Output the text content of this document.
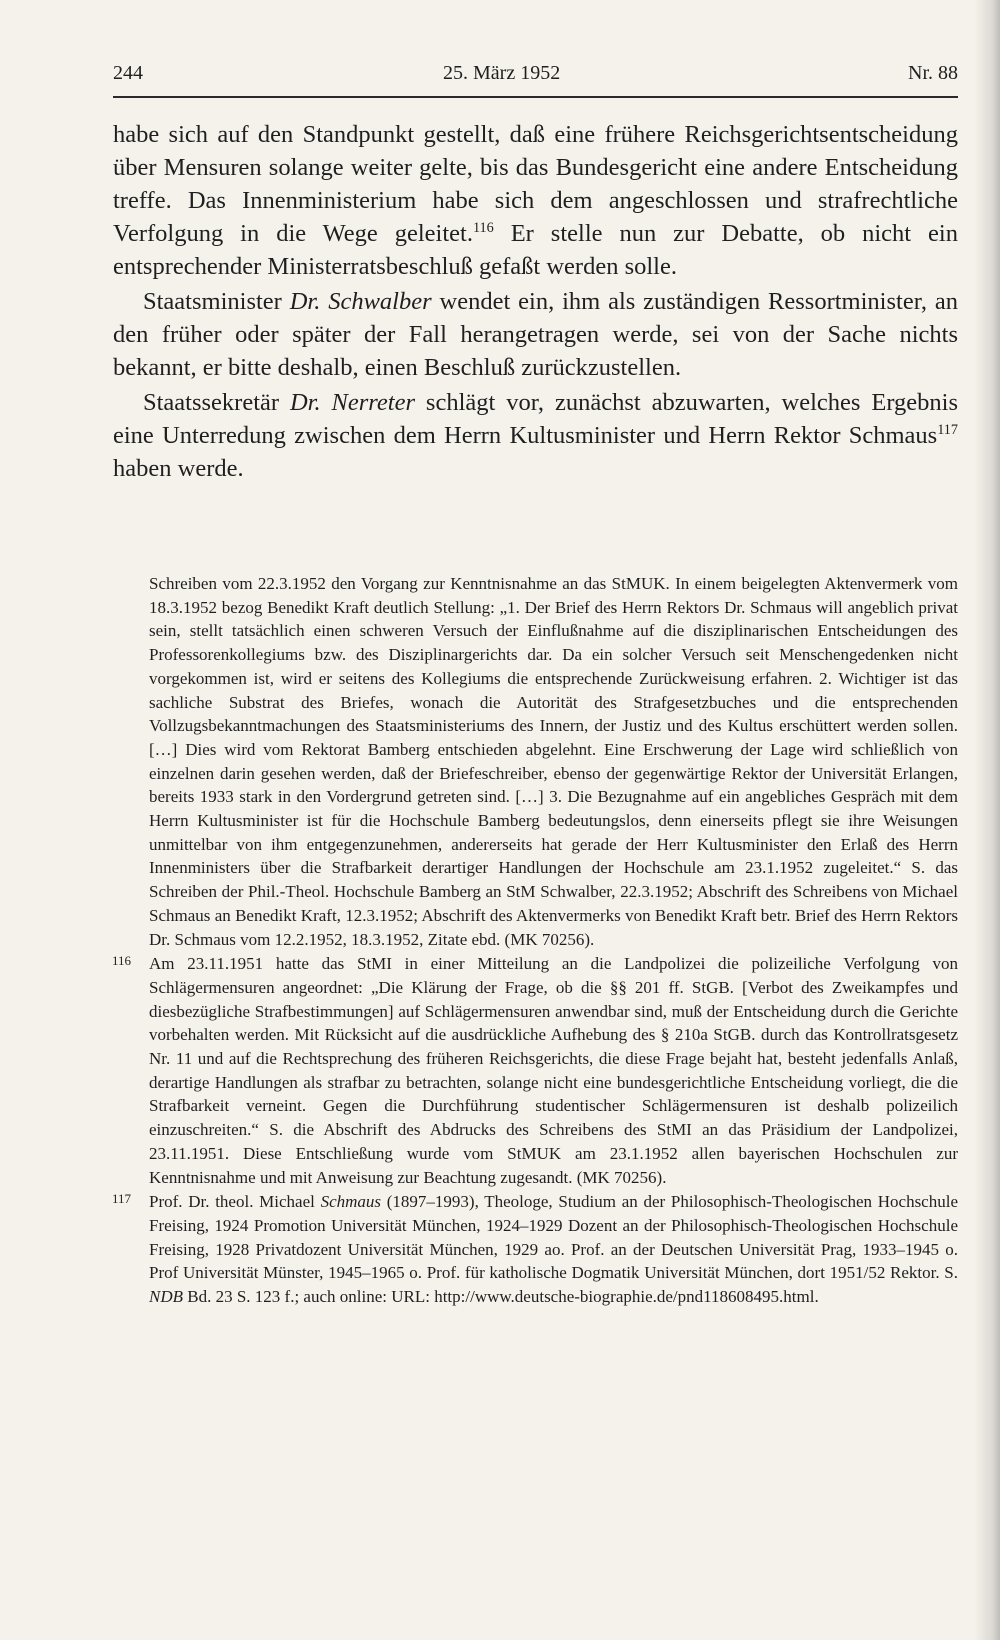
244	25. März 1952	Nr. 88

habe sich auf den Standpunkt gestellt, daß eine frühere Reichsgerichtsentscheidung über Mensuren solange weiter gelte, bis das Bundesgericht eine andere Entscheidung treffe. Das Innenministerium habe sich dem angeschlossen und strafrechtliche Verfolgung in die Wege geleitet.$^{116}$ Er stelle nun zur Debatte, ob nicht ein entsprechender Ministerratsbeschluß gefaßt werden solle.

Staatsminister Dr. Schwalber wendet ein, ihm als zuständigen Ressortminister, an den früher oder später der Fall herangetragen werde, sei von der Sache nichts bekannt, er bitte deshalb, einen Beschluß zurückzustellen.

Staatssekretär Dr. Nerreter schlägt vor, zunächst abzuwarten, welches Ergebnis eine Unterredung zwischen dem Herrn Kultusminister und Herrn Rektor Schmaus$^{117}$ haben werde.

Schreiben vom 22.3.1952 den Vorgang zur Kenntnisnahme an das StMUK. In einem beigelegten Aktenvermerk vom 18.3.1952 bezog Benedikt Kraft deutlich Stellung: „1. Der Brief des Herrn Rektors Dr. Schmaus will angeblich privat sein, stellt tatsächlich einen schweren Versuch der Einflußnahme auf die disziplinarischen Entscheidungen des Professorenkollegiums bzw. des Disziplinargerichts dar. Da ein solcher Versuch seit Menschengedenken nicht vorgekommen ist, wird er seitens des Kollegiums die entsprechende Zurückweisung erfahren. 2. Wichtiger ist das sachliche Substrat des Briefes, wonach die Autorität des Strafgesetzbuches und die entsprechenden Vollzugsbekanntmachungen des Staatsministeriums des Innern, der Justiz und des Kultus erschüttert werden sollen. […] Dies wird vom Rektorat Bamberg entschieden abgelehnt. Eine Erschwerung der Lage wird schließlich von einzelnen darin gesehen werden, daß der Briefeschreiber, ebenso der gegenwärtige Rektor der Universität Erlangen, bereits 1933 stark in den Vordergrund getreten sind. […] 3. Die Bezugnahme auf ein angebliches Gespräch mit dem Herrn Kultusminister ist für die Hochschule Bamberg bedeutungslos, denn einerseits pflegt sie ihre Weisungen unmittelbar von ihm entgegenzunehmen, andererseits hat gerade der Herr Kultusminister den Erlaß des Herrn Innenministers über die Strafbarkeit derartiger Handlungen der Hochschule am 23.1.1952 zugeleitet.“ S. das Schreiben der Phil.-Theol. Hochschule Bamberg an StM Schwalber, 22.3.1952; Abschrift des Schreibens von Michael Schmaus an Benedikt Kraft, 12.3.1952; Abschrift des Aktenvermerks von Benedikt Kraft betr. Brief des Herrn Rektors Dr. Schmaus vom 12.2.1952, 18.3.1952, Zitate ebd. (MK 70256).
116 Am 23.11.1951 hatte das StMI in einer Mitteilung an die Landpolizei die polizeiliche Verfolgung von Schlägermensuren angeordnet: „Die Klärung der Frage, ob die §§ 201 ff. StGB. [Verbot des Zweikampfes und diesbezügliche Strafbestimmungen] auf Schlägermensuren anwendbar sind, muß der Entscheidung durch die Gerichte vorbehalten werden. Mit Rücksicht auf die ausdrückliche Aufhebung des § 210a StGB. durch das Kontrollratsgesetz Nr. 11 und auf die Rechtsprechung des früheren Reichsgerichts, die diese Frage bejaht hat, besteht jedenfalls Anlaß, derartige Handlungen als strafbar zu betrachten, solange nicht eine bundesgerichtliche Entscheidung vorliegt, die die Strafbarkeit verneint. Gegen die Durchführung studentischer Schlägermensuren ist deshalb polizeilich einzuschreiten.“ S. die Abschrift des Abdrucks des Schreibens des StMI an das Präsidium der Landpolizei, 23.11.1951. Diese Entschließung wurde vom StMUK am 23.1.1952 allen bayerischen Hochschulen zur Kenntnisnahme und mit Anweisung zur Beachtung zugesandt. (MK 70256).
117 Prof. Dr. theol. Michael Schmaus (1897–1993), Theologe, Studium an der Philosophisch-Theologischen Hochschule Freising, 1924 Promotion Universität München, 1924–1929 Dozent an der Philosophisch-Theologischen Hochschule Freising, 1928 Privatdozent Universität München, 1929 ao. Prof. an der Deutschen Universität Prag, 1933–1945 o. Prof Universität Münster, 1945–1965 o. Prof. für katholische Dogmatik Universität München, dort 1951/52 Rektor. S. NDB Bd. 23 S. 123 f.; auch online: URL: http://www.deutsche-biographie.de/pnd118608495.html.
